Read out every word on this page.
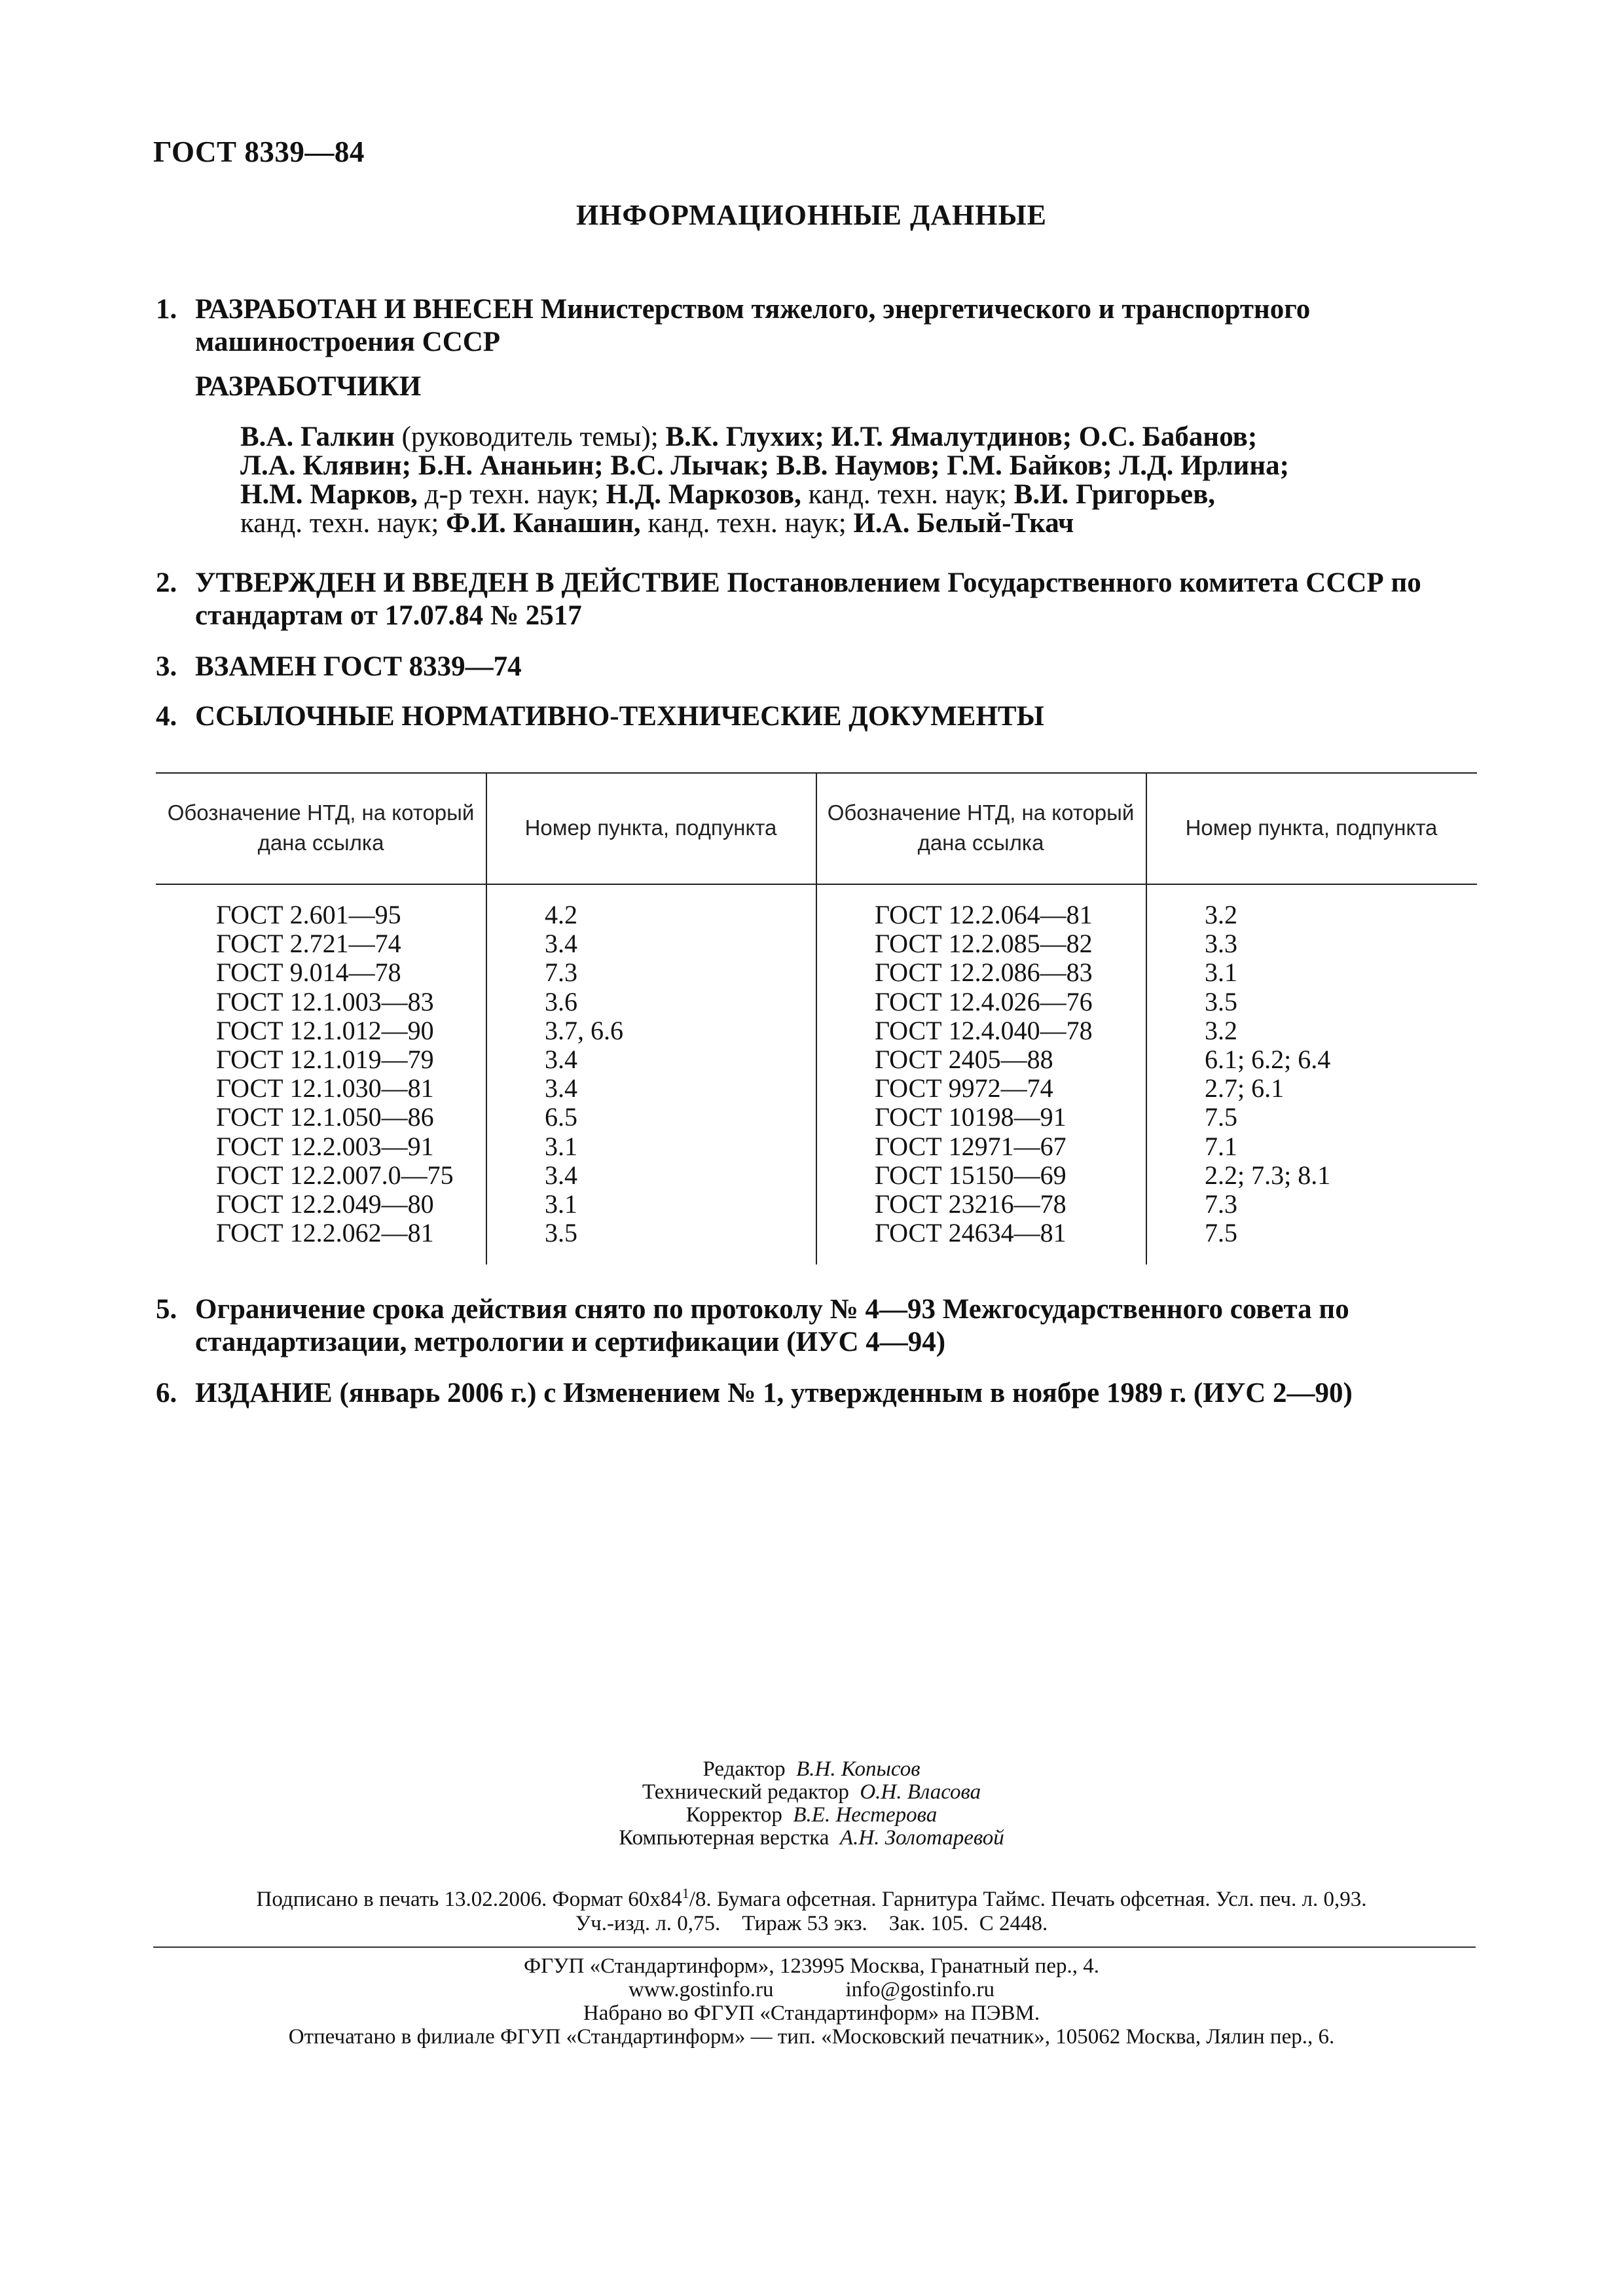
ГОСТ 8339—84
ИНФОРМАЦИОННЫЕ ДАННЫЕ
1. РАЗРАБОТАН И ВНЕСЕН Министерством тяжелого, энергетического и транспортного машиностроения СССР
РАЗРАБОТЧИКИ
В.А. Галкин (руководитель темы); В.К. Глухих; И.Т. Ямалутдинов; О.С. Бабанов;
Л.А. Клявин; Б.Н. Ананьин; В.С. Лычак; В.В. Наумов; Г.М. Байков; Л.Д. Ирлина;
Н.М. Марков, д-р техн. наук; Н.Д. Маркозов, канд. техн. наук; В.И. Григорьев,
канд. техн. наук; Ф.И. Канашин, канд. техн. наук; И.А. Белый-Ткач
2. УТВЕРЖДЕН И ВВЕДЕН В ДЕЙСТВИЕ Постановлением Государственного комитета СССР по стандартам от 17.07.84 № 2517
3. ВЗАМЕН ГОСТ 8339—74
4. ССЫЛОЧНЫЕ НОРМАТИВНО-ТЕХНИЧЕСКИЕ ДОКУМЕНТЫ
Обозначение НТД, на который дана ссылка
Номер пункта, подпункта
Обозначение НТД, на который дана ссылка
Номер пункта, подпункта
ГОСТ 2.601—95
ГОСТ 2.721—74
ГОСТ 9.014—78
ГОСТ 12.1.003—83
ГОСТ 12.1.012—90
ГОСТ 12.1.019—79
ГОСТ 12.1.030—81
ГОСТ 12.1.050—86
ГОСТ 12.2.003—91
ГОСТ 12.2.007.0—75
ГОСТ 12.2.049—80
ГОСТ 12.2.062—81
4.2
3.4
7.3
3.6
3.7, 6.6
3.4
3.4
6.5
3.1
3.4
3.1
3.5
ГОСТ 12.2.064—81
ГОСТ 12.2.085—82
ГОСТ 12.2.086—83
ГОСТ 12.4.026—76
ГОСТ 12.4.040—78
ГОСТ 2405—88
ГОСТ 9972—74
ГОСТ 10198—91
ГОСТ 12971—67
ГОСТ 15150—69
ГОСТ 23216—78
ГОСТ 24634—81
3.2
3.3
3.1
3.5
3.2
6.1; 6.2; 6.4
2.7; 6.1
7.5
7.1
2.2; 7.3; 8.1
7.3
7.5
5. Ограничение срока действия снято по протоколу № 4—93 Межгосударственного совета по стандартизации, метрологии и сертификации (ИУС 4—94)
6. ИЗДАНИЕ (январь 2006 г.) с Изменением № 1, утвержденным в ноябре 1989 г. (ИУС 2—90)
Редактор В.Н. Копысов
Технический редактор О.Н. Власова
Корректор В.Е. Нестерова
Компьютерная верстка А.Н. Золотаревой
Подписано в печать 13.02.2006. Формат $60x84^1/8$. Бумага офсетная. Гарнитура Таймс. Печать офсетная. Усл. печ. л. 0,93.
Уч.-изд. л. 0,75.    Тираж 53 экз.    Зак. 105.  С 2448.
ФГУП «Стандартинформ», 123995 Москва, Гранатный пер., 4.
www.gostinfo.ru	info@gostinfo.ru
Набрано во ФГУП «Стандартинформ» на ПЭВМ.
Отпечатано в филиале ФГУП «Стандартинформ» — тип. «Московский печатник», 105062 Москва, Лялин пер., 6.
